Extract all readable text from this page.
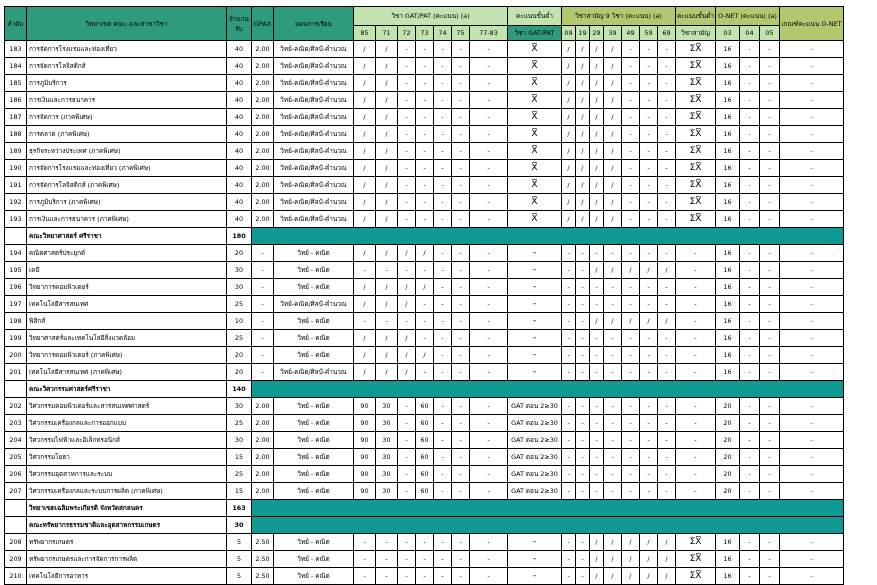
ลำดับ	วิทยาเขต คณะ และสาขาวิชา	จำนวนรับ	GPAX	แผนการเรียน	วิชา GAT/PAT (คะแนน) (a)							คะแนนขั้นต่ำ	วิชาสามัญ 9 วิชา (คะแนน) (a)							คะแนนขั้นต่ำ	O-NET (คะแนน) (a)			เกณฑ์คะแนน O-NET
					85	71	72	73	74	75	77-83	วิชา GAT/PAT	09	19	29	39	49	59	69	วิชาสามัญ	03	04	05	
183	การจัดการโรงแรมและท่องเที่ยว	40	2.00	วิทย์-คณิต/ศิลป์-คำนวณ	/	/	-	-	-	-	-	X̅	/	/	/	/	-	-	-	ΣX̅	16	-	-	-
184	การจัดการโลจิสติกส์	40	2.00	วิทย์-คณิต/ศิลป์-คำนวณ	/	/	-	-	-	-	-	X̅	/	/	/	/	-	-	-	ΣX̅	16	-	-	-
185	การภูมิบริการ	40	2.00	วิทย์-คณิต/ศิลป์-คำนวณ	/	/	-	-	-	-	-	X̅	/	/	/	/	-	-	-	ΣX̅	16	-	-	-
186	การเงินและการธนาคาร	40	2.00	วิทย์-คณิต/ศิลป์-คำนวณ	/	/	-	-	-	-	-	X̅	/	/	/	/	-	-	-	ΣX̅	16	-	-	-
187	การจัดการ (ภาคพิเศษ)	40	2.00	วิทย์-คณิต/ศิลป์-คำนวณ	/	/	-	-	-	-	-	X̅	/	/	/	/	-	-	-	ΣX̅	16	-	-	-
188	การตลาด (ภาคพิเศษ)	40	2.00	วิทย์-คณิต/ศิลป์-คำนวณ	/	/	-	-	-	-	-	X̅	/	/	/	/	-	-	-	ΣX̅	16	-	-	-
189	ธุรกิจระหว่างประเทศ (ภาคพิเศษ)	40	2.00	วิทย์-คณิต/ศิลป์-คำนวณ	/	/	-	-	-	-	-	X̅	/	/	/	/	-	-	-	ΣX̅	16	-	-	-
190	การจัดการโรงแรมและท่องเที่ยว (ภาคพิเศษ)	40	2.00	วิทย์-คณิต/ศิลป์-คำนวณ	/	/	-	-	-	-	-	X̅	/	/	/	/	-	-	-	ΣX̅	16	-	-	-
191	การจัดการโลจิสติกส์ (ภาคพิเศษ)	40	2.00	วิทย์-คณิต/ศิลป์-คำนวณ	/	/	-	-	-	-	-	X̅	/	/	/	/	-	-	-	ΣX̅	16	-	-	-
192	การภูมิบริการ (ภาคพิเศษ)	40	2.00	วิทย์-คณิต/ศิลป์-คำนวณ	/	/	-	-	-	-	-	X̅	/	/	/	/	-	-	-	ΣX̅	16	-	-	-
193	การเงินและการธนาคาร (ภาคพิเศษ)	40	2.00	วิทย์-คณิต/ศิลป์-คำนวณ	/	/	-	-	-	-	-	X̅	/	/	/	/	-	-	-	ΣX̅	16	-	-	-
	คณะวิทยาศาสตร์ ศรีราชา	180																						
194	คณิตศาสตร์ประยุกต์	20	-	วิทย์ - คณิต	/	/	/	/	-	-	-	-	-	-	-	-	-	-	-	-	16	-	-	-
195	เคมี	30	-	วิทย์ - คณิต	-	-	-	-	-	-	-	-	-	-	/	/	/	/	/	-	16	-	-	-
196	วิทยาการคอมพิวเตอร์	30	-	วิทย์ - คณิต	/	/	/	/	-	-	-	-	-	-	-	-	-	-	-	-	16	-	-	-
197	เทคโนโลยีสารสนเทศ	25	-	วิทย์-คณิต/ศิลป์-คำนวณ	/	/	/	-	-	-	-	-	-	-	-	-	-	-	-	-	16	-	-	-
198	ฟิสิกส์	10	-	วิทย์ - คณิต	-	-	-	-	-	-	-	-	-	-	/	/	/	/	/	-	16	-	-	-
199	วิทยาศาสตร์และเทคโนโลยีสิ่งแวดล้อม	25	-	วิทย์ - คณิต	/	/	/	-	-	-	-	-	-	-	-	-	-	-	-	-	16	-	-	-
200	วิทยาการคอมพิวเตอร์ (ภาคพิเศษ)	20	-	วิทย์ - คณิต	/	/	/	/	-	-	-	-	-	-	-	-	-	-	-	-	16	-	-	-
201	เทคโนโลยีสารสนเทศ (ภาคพิเศษ)	20	-	วิทย์-คณิต/ศิลป์-คำนวณ	/	/	/	-	-	-	-	-	-	-	-	-	-	-	-	-	16	-	-	-
	คณะวิศวกรรมศาสตร์ศรีราชา	140																						
202	วิศวกรรมคอมพิวเตอร์และสารสนเทศศาสตร์	30	2.00	วิทย์ - คณิต	90	30	-	60	-	-	-	GAT ตอน 2≥30	-	-	-	-	-	-	-	-	20	-	-	-
203	วิศวกรรมเครื่องกลและการออกแบบ	25	2.00	วิทย์ - คณิต	90	30	-	60	-	-	-	GAT ตอน 2≥30	-	-	-	-	-	-	-	-	20	-	-	-
204	วิศวกรรมไฟฟ้าและอิเล็กทรอนิกส์	30	2.00	วิทย์ - คณิต	90	30	-	60	-	-	-	GAT ตอน 2≥30	-	-	-	-	-	-	-	-	20	-	-	-
205	วิศวกรรมโยธา	15	2.00	วิทย์ - คณิต	90	30	-	60	-	-	-	GAT ตอน 2≥30	-	-	-	-	-	-	-	-	20	-	-	-
206	วิศวกรรมอุตสาหการและระบบ	25	2.00	วิทย์ - คณิต	90	30	-	60	-	-	-	GAT ตอน 2≥30	-	-	-	-	-	-	-	-	20	-	-	-
207	วิศวกรรมเครื่องกลและระบบการผลิต (ภาคพิเศษ)	15	2.00	วิทย์ - คณิต	90	30	-	60	-	-	-	GAT ตอน 2≥30	-	-	-	-	-	-	-	-	20	-	-	-
	วิทยาเขตเฉลิมพระเกียรติ จังหวัดสกลนคร	163																						
	คณะทรัพยากรธรรมชาติและอุตสาหกรรมเกษตร	30																						
208	ทรัพยากรเกษตร	5	2.50	วิทย์ - คณิต	-	-	-	-	-	-	-	-	-	-	/	/	/	/	/	ΣX̅	16	-	-	-
209	ทรัพยากรเกษตรและการจัดการการผลิต	5	2.50	วิทย์ - คณิต	-	-	-	-	-	-	-	-	-	-	/	/	/	/	/	ΣX̅	16	-	-	-
210	เทคโนโลยีการอาหาร	5	2.50	วิทย์ - คณิต	-	-	-	-	-	-	-	-	-	-	/	/	/	/	/	ΣX̅	16	-	-	-
